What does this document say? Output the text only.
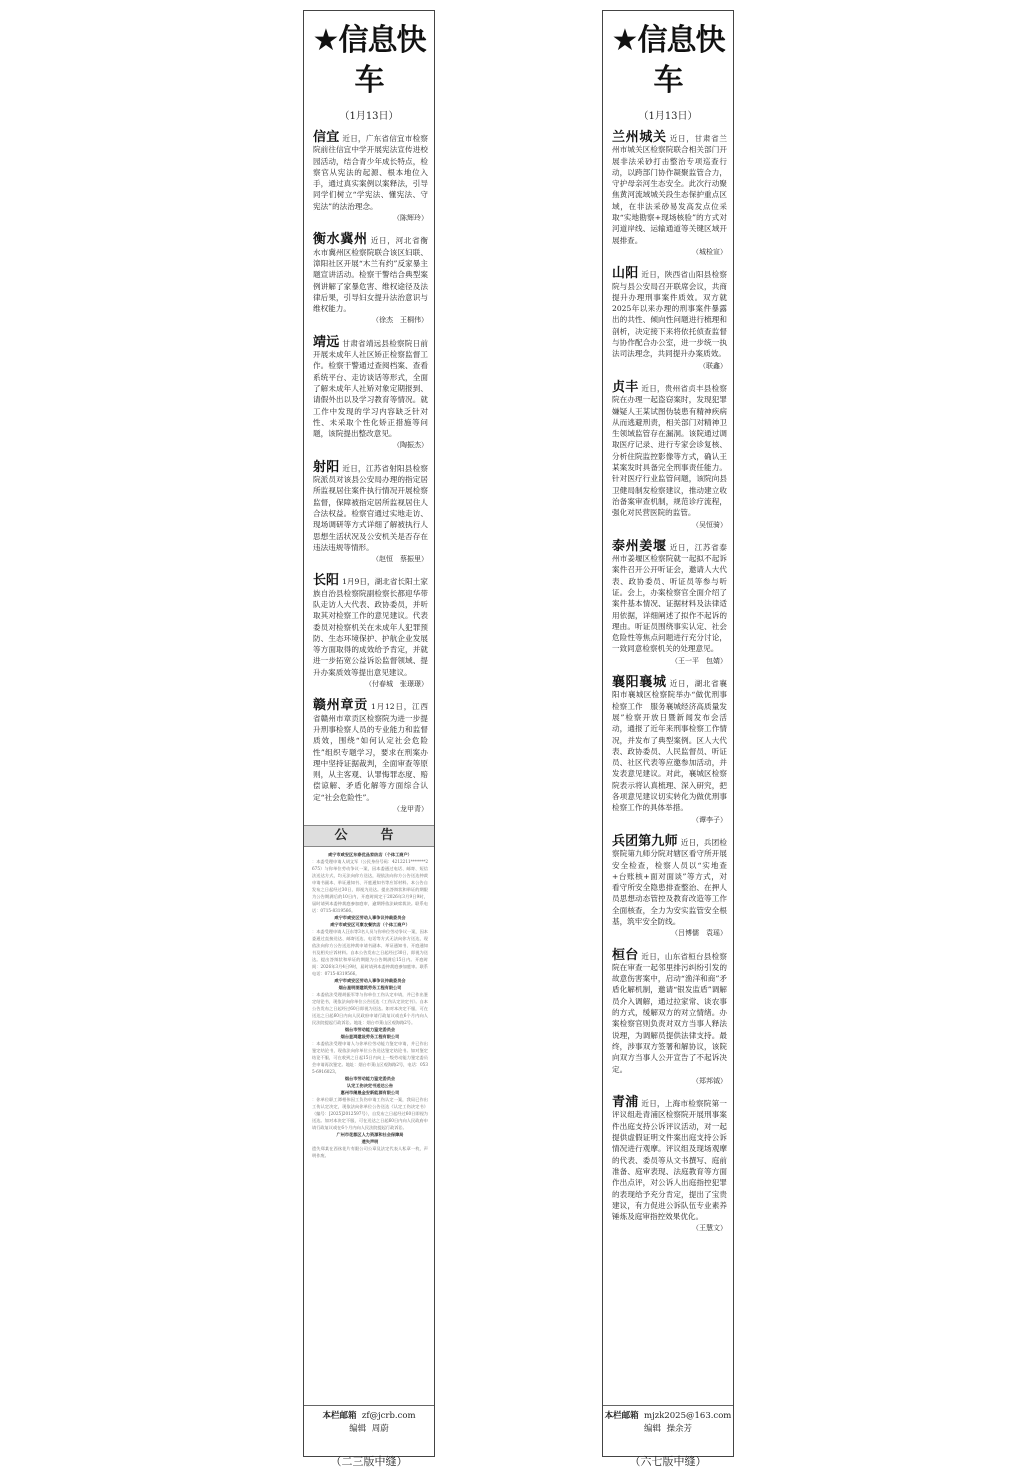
★信息快车
（1月13日）
信宜 近日，广东省信宜市检察院前往信宜中学开展宪法宣传进校园活动，结合青少年成长特点，检察官从宪法的起源、根本地位入手，通过真实案例以案释法，引导同学们树立“学宪法、懂宪法、守宪法”的法治理念。
（陈辉玲）
衡水冀州 近日，河北省衡水市冀州区检察院联合该区妇联、漳阳社区开展“木兰有约”反家暴主题宣讲活动。检察干警结合典型案例讲解了家暴危害、维权途径及法律后果，引导妇女提升法治意识与维权能力。
（徐杰　王桐伟）
靖远 甘肃省靖远县检察院日前开展未成年人社区矫正检察监督工作。检察干警通过查阅档案、查看系统平台、走访谈话等形式，全面了解未成年人社矫对象定期报到、请假外出以及学习教育等情况。就工作中发现的学习内容缺乏针对性、未采取个性化矫正措施等问题，该院提出整改意见。
（陶振杰）
射阳 近日，江苏省射阳县检察院派员对该县公安局办理的指定居所监视居住案件执行情况开展检察监督，保障被指定居所监视居住人合法权益。检察官通过实地走访、现场调研等方式详细了解被执行人思想生活状况及公安机关是否存在违法违规等情形。
（赵恒　蔡振里）
长阳 1月9日，湖北省长阳土家族自治县检察院副检察长都迎华带队走访人大代表、政协委员，并听取其对检察工作的意见建议。代表委员对检察机关在未成年人犯罪预防、生态环境保护、护航企业发展等方面取得的成效给予肯定，并就进一步拓宽公益诉讼监督领域、提升办案质效等提出意见建议。
（付春城　张璟璟）
赣州章贡 1月12日，江西省赣州市章贡区检察院为进一步提升刑事检察人员的专业能力和监督质效，围绕“如何认定社会危险性”组织专题学习，要求在刑案办理中坚持证据裁判，全面审查等原则，从主客观、认罪悔罪态度、赔偿谅解、矛盾化解等方面综合认定“社会危险性”。
（龙甲青）
公　告
咸宁市咸安区东泰优品家纺店（个体工商户）
：本委受理申请人胡文军（公民身份号码：4212211*******2675）与你单位劳动争议一案，因本委通过电话、邮寄、短信法送达方式，均无法向你方送达，现依法向你方公告送达仲裁申请书副本、举证通知书、开庭通知书等应诉材料。本公告自发布之日起经过30日，即视为送达。提出答辩状和举证的期限为公告期满后的10日内，开庭时间定于2026年3月9日9时，届时请到本委仲裁庭参加庭审，逾期将依法缺席裁决。联系电话：0715-8319566。
咸宁市咸安区劳动人事争议仲裁委员会
咸宁市咸安区可康农餐饮店（个体工商户）
：本委受理申请人汪东等3名人员与你单位劳动争议一案，因本委通过直接送达、邮寄送达、电话等方式无法向你方送达，现依法向你方公告送达仲裁申请书副本、举证通知书、开庭通知书及相关应诉材料。自本公告发布之日起经过30日，即视为送达。提出答辩状和举证的期限为公告期满后15日内。开庭时间：2026年3月4日9时，届时请到本委仲裁庭参加庭审。联系电话：0715-8319566。
咸宁市咸安区劳动人事争议仲裁委员会
烟台星明图建筑劳务工程有限公司
：本委依法受理胡振军等与你单位工伤认定申请，并已作出鉴定结论书，现依法向你单位公告送达《工伤认定决定书》。自本公告发布之日起经过60日即视为送达。如对本决定不服，可在送达之日起60日内向人民政府申请行政复议或在6个月内向人民法院提起行政诉讼。地址：烟台市莱山区观海路2号。
烟台市劳动能力鉴定委员会
烟台显鸿建设劳务工程有限公司
：本委依法受理申请人与你单位劳动能力鉴定申请，并已作出鉴定结论书，现依法向你单位公告送达鉴定结论书。如对鉴定结论不服，可在收到之日起15日内向上一级劳动能力鉴定委员会申请再次鉴定。地址：烟台市莱山区观海路2号，电话：0535-6916023。
烟台市劳动能力鉴定委员会
认定工伤决定书送达公告
惠州市阑晟金安新能源有限公司
：你单位职工谭相伟因工负伤申请工伤认定一案，我局已作出工伤认定决定，现依法向你单位公告送达《认定工伤决定书》（编号：[2025]2012597号），自发布之日起经过60日即视为送达。如对本决定不服，可在送达之日起60日内向人民政府申请行政复议或在6个月内向人民法院提起行政诉讼。
广州市花都区人力资源和社会保障局
遗失声明
遗失郑某在西丝花片有限公司公章及法定代表人私章一枚，声明作废。
本栏邮箱 zf@jcrb.com
编辑 周蔚
★信息快车
（1月13日）
兰州城关 近日，甘肃省兰州市城关区检察院联合相关部门开展非法采砂打击整治专项巡查行动，以跨部门协作凝聚监管合力，守护母亲河生态安全。此次行动聚焦黄河流域城关段生态保护重点区域，在非法采砂易发高发点位采取“实地勘察+现场核验”的方式对河道岸线、运输通道等关键区域开展排查。
（城检宣）
山阳 近日，陕西省山阳县检察院与县公安局召开联席会议，共商提升办理刑事案件质效。双方就2025年以来办理的刑事案件暴露出的共性、倾向性问题进行梳理和剖析，决定接下来将依托侦查监督与协作配合办公室，进一步统一执法司法理念，共同提升办案质效。
（联鑫）
贞丰 近日，贵州省贞丰县检察院在办理一起盗窃案时，发现犯罪嫌疑人王某试图伪装患有精神疾病从而逃避刑责，相关部门对精神卫生领域监管存在漏洞。该院通过调取医疗记录、进行专家会诊复核、分析住院监控影像等方式，确认王某案发时具备完全刑事责任能力。针对医疗行业监管问题，该院向县卫健局制发检察建议，推动建立收治备案审查机制，规范诊疗流程，强化对民营医院的监管。
（吴恒骑）
泰州姜堰 近日，江苏省泰州市姜堰区检察院就一起拟不起诉案件召开公开听证会，邀请人大代表、政协委员、听证员等参与听证。会上，办案检察官全面介绍了案件基本情况、证据材料及法律适用依据，详细阐述了拟作不起诉的理由。听证员围绕事实认定、社会危险性等焦点问题进行充分讨论，一致同意检察机关的处理意见。
（王一平　包婧）
襄阳襄城 近日，湖北省襄阳市襄城区检察院举办“做优刑事检察工作　服务襄城经济高质量发展”检察开放日暨新闻发布会活动，通报了近年来刑事检察工作情况，并发布了典型案例。区人大代表、政协委员、人民监督员、听证员、社区代表等应邀参加活动，并发表意见建议。对此，襄城区检察院表示将认真梳理、深入研究，把各项意见建议切实转化为做优刑事检察工作的具体举措。
（谭李子）
兵团第九师 近日，兵团检察院第九师分院对辖区看守所开展安全检查，检察人员以“实地查+台账核+面对面谈”等方式，对看守所安全隐患排查整治、在押人员思想动态管控及教育改造等工作全面核查，全力为安实监管安全根基，筑牢安全防线。
（吕博儒　袁瑶）
桓台 近日，山东省桓台县检察院在审查一起邻里排污纠纷引发的故意伤害案中，启动“渔洋和商”矛盾化解机制，邀请“银发监盾”调解员介入调解，通过拉家常、谈农事的方式，缓解双方的对立情绪。办案检察官则负责对双方当事人释法说理，为调解员提供法律支持。最终，涉事双方签署和解协议，该院向双方当事人公开宣告了不起诉决定。
（郑邦钺）
青浦 近日，上海市检察院第一评议组赴青浦区检察院开展刑事案件出庭支持公诉评议活动，对一起提供虚假证明文件案出庭支持公诉情况进行观摩。评议组及现场观摩的代表、委员等从文书撰写、庭前准备、庭审表现、法庭教育等方面作出点评，对公诉人出庭指控犯罪的表现给予充分肯定，提出了宝贵建议，有力促进公诉队伍专业素养锤炼及庭审指控效果优化。
（王慧文）
本栏邮箱 mjzk2025@163.com
编辑 操余芳
（二三版中缝）	（六七版中缝）
